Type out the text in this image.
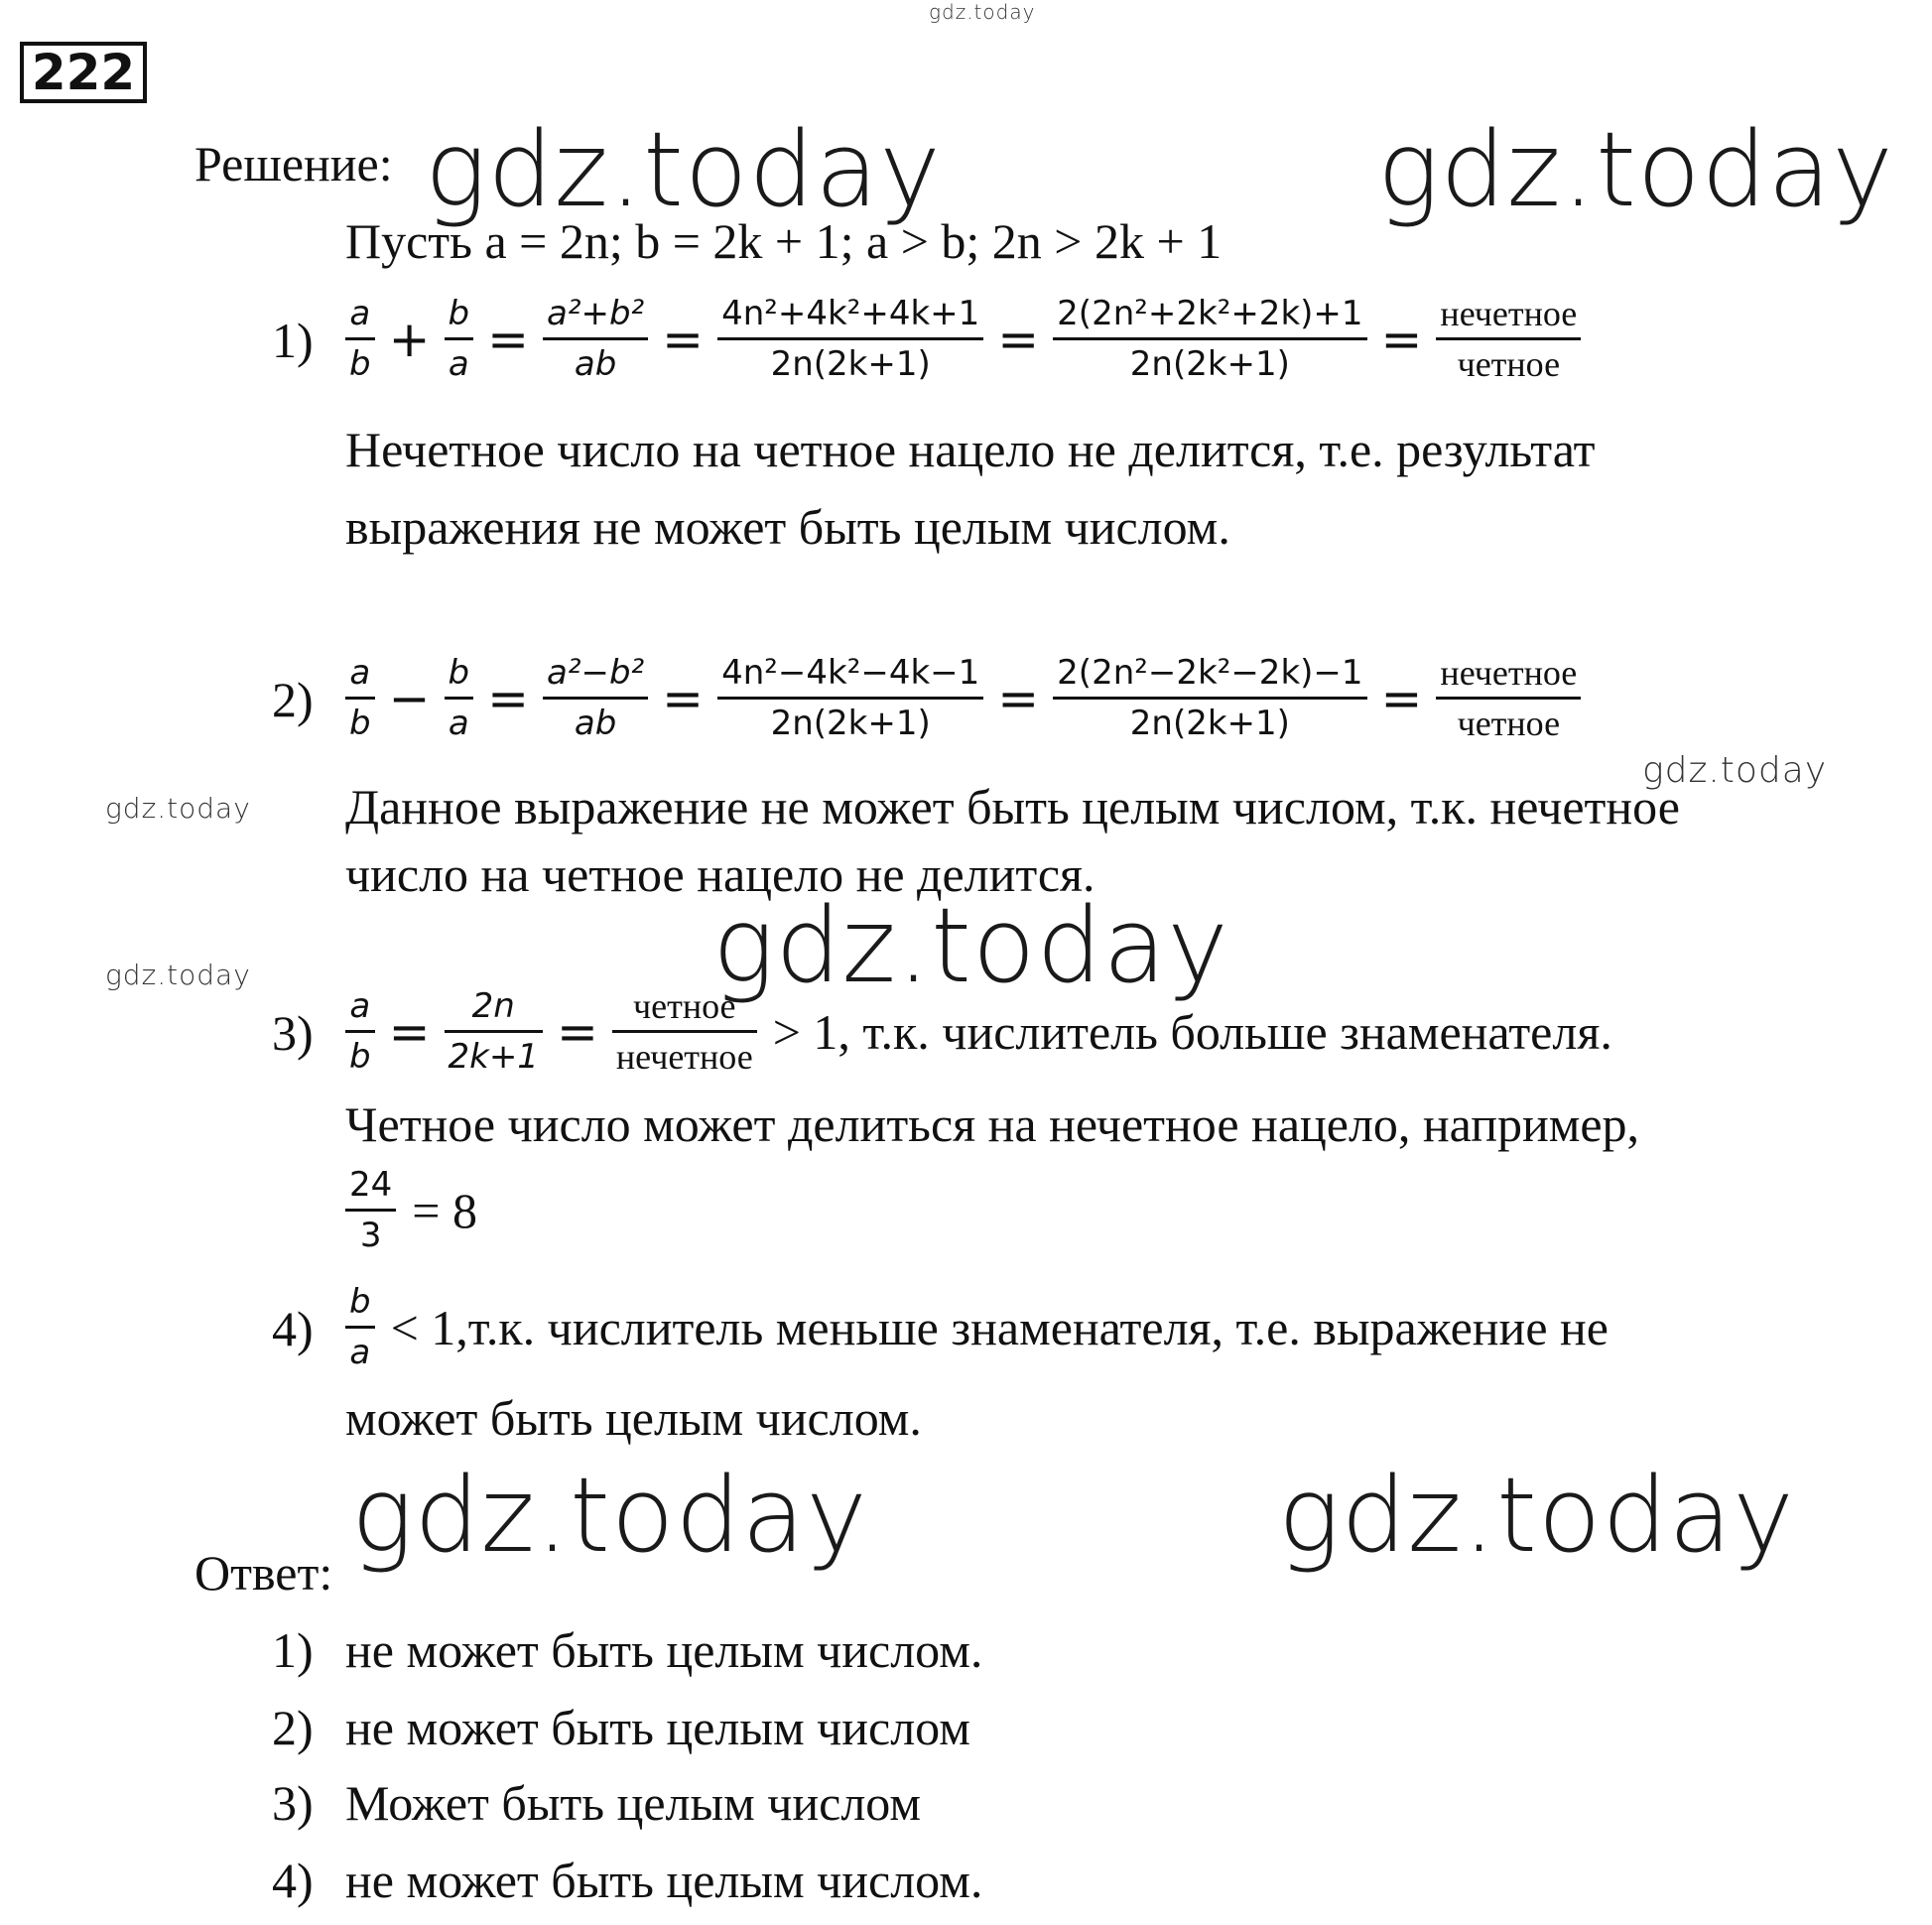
222
gdz.today
gdz.today	gdz.today
gdz.today
gdz.today
gdz.today
gdz.today
gdz.today	gdz.today
Решение:
Пусть a = 2n; b = 2k + 1; a > b; 2n > 2k + 1
$1) \frac{a}{b} + \frac{b}{a} = \frac{\text{a²+b²}}{ab} = \frac{\text{4n²+4k²+4k+1}}{2n(2k+1)} = \frac{\text{2(2n²+2k²+2k)+1}}{2n(2k+1)} = \frac{\text{нечетное}}{\text{четное}}$
Нечетное число на четное нацело не делится, т.е. результат
выражения не может быть целым числом.
$2) \frac{a}{b} - \frac{b}{a} = \frac{\text{a²−b²}}{ab} = \frac{\text{4n²−4k²−4k−1}}{2n(2k+1)} = \frac{\text{2(2n²−2k²−2k)−1}}{2n(2k+1)} = \frac{\text{нечетное}}{\text{четное}}$
Данное выражение не может быть целым числом, т.к. нечетное
число на четное нацело не делится.
$3) \frac{a}{b} = \frac{2n}{2k+1} = \frac{\text{четное}}{\text{нечетное}} > 1$, т.к. числитель больше знаменателя.
Четное число может делиться на нечетное нацело, например,
$\frac{24}{3} = 8$
$4) \frac{b}{a} < 1,т.к$. числитель меньше знаменателя, т.е. выражение не
может быть целым числом.
Ответ:
1) не может быть целым числом.
2) не может быть целым числом
3) Может быть целым числом
4) не может быть целым числом.
